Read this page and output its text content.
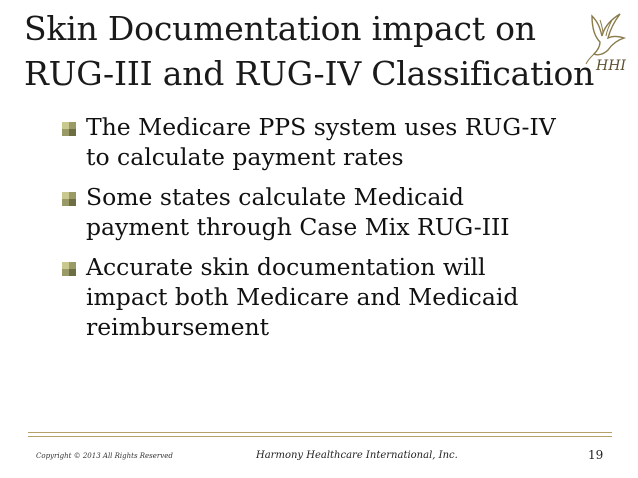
Skin Documentation impact on
RUG-III and RUG-IV Classification HHI
The Medicare PPS system uses RUG-IV
to calculate payment rates
Some states calculate Medicaid
payment through Case Mix RUG-III
Accurate skin documentation will
impact both Medicare and Medicaid
reimbursement
Copyright © 2013 All Rights Reserved	Harmony Healthcare International, Inc.	19
